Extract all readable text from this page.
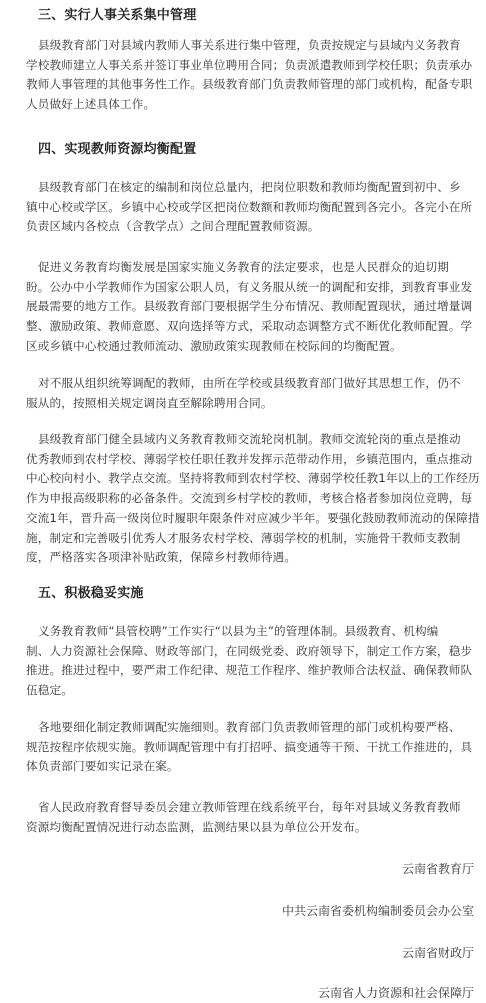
三、实行人事关系集中管理
县级教育部门对县域内教师人事关系进行集中管理，负责按规定与县域内义务教育
学校教师建立人事关系并签订事业单位聘用合同；负责派遣教师到学校任职；负责承办
教师人事管理的其他事务性工作。县级教育部门负责教师管理的部门或机构，配备专职
人员做好上述具体工作。
四、实现教师资源均衡配置
县级教育部门在核定的编制和岗位总量内，把岗位职数和教师均衡配置到初中、乡
镇中心校或学区。乡镇中心校或学区把岗位数额和教师均衡配置到各完小。各完小在所
负责区域内各校点（含教学点）之间合理配置教师资源。
促进义务教育均衡发展是国家实施义务教育的法定要求，也是人民群众的迫切期
盼。公办中小学教师作为国家公职人员，有义务服从统一的调配和安排，到教育事业发
展最需要的地方工作。县级教育部门要根据学生分布情况、教师配置现状，通过增量调
整、激励政策、教师意愿、双向选择等方式，采取动态调整方式不断优化教师配置。学
区或乡镇中心校通过教师流动、激励政策实现教师在校际间的均衡配置。
对不服从组织统筹调配的教师，由所在学校或县级教育部门做好其思想工作，仍不
服从的，按照相关规定调岗直至解除聘用合同。
县级教育部门健全县域内义务教育教师交流轮岗机制。教师交流轮岗的重点是推动
优秀教师到农村学校、薄弱学校任职任教并发挥示范带动作用，乡镇范围内，重点推动
中心校向村小、教学点交流。坚持将教师到农村学校、薄弱学校任教1年以上的工作经历
作为申报高级职称的必备条件。交流到乡村学校的教师，考核合格者参加岗位竞聘，每
交流1年，晋升高一级岗位时履职年限条件对应减少半年。要强化鼓励教师流动的保障措
施，制定和完善吸引优秀人才服务农村学校、薄弱学校的机制，实施骨干教师支教制
度，严格落实各项津补贴政策，保障乡村教师待遇。
五、积极稳妥实施
义务教育教师“县管校聘”工作实行“以县为主”的管理体制。县级教育、机构编
制、人力资源社会保障、财政等部门，在同级党委、政府领导下，制定工作方案，稳步
推进。推进过程中，要严肃工作纪律、规范工作程序、维护教师合法权益、确保教师队
伍稳定。
各地要细化制定教师调配实施细则。教育部门负责教师管理的部门或机构要严格、
规范按程序依规实施。教师调配管理中有打招呼、搞变通等干预、干扰工作推进的，具
体负责部门要如实记录在案。
省人民政府教育督导委员会建立教师管理在线系统平台，每年对县域义务教育教师
资源均衡配置情况进行动态监测，监测结果以县为单位公开发布。
云南省教育厅
中共云南省委机构编制委员会办公室
云南省财政厅
云南省人力资源和社会保障厅
